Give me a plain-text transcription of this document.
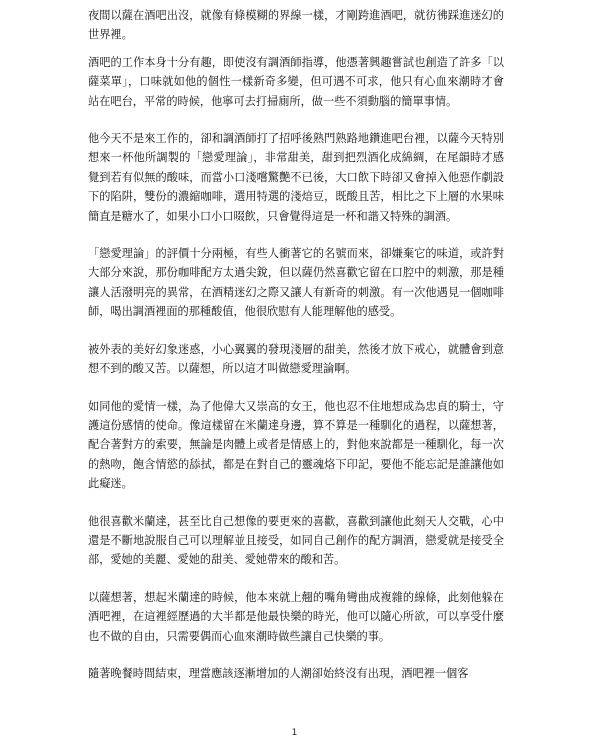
夜間以薩在酒吧出沒，就像有條模糊的界線一樣，才剛跨進酒吧，就彷彿踩進迷幻的世界裡。

酒吧的工作本身十分有趣，即使沒有調酒師指導，他憑著興趣嘗試也創造了許多「以薩菜單」，口味就如他的個性一樣新奇多變，但可遇不可求，他只有心血來潮時才會站在吧台，平常的時候，他寧可去打掃廁所，做一些不須動腦的簡單事情。

他今天不是來工作的，卻和調酒師打了招呼後熟門熟路地鑽進吧台裡，以薩今天特別想來一杯他所調製的「戀愛理論」，非常甜美，甜到把烈酒化成綿綢，在尾韻時才感覺到若有似無的酸味，而當小口淺嚐驚艷不已後，大口飲下時卻又會掉入他惡作劇設下的陷阱，雙份的濃縮咖啡，選用特選的淺焙豆，既酸且苦，相比之下上層的水果味簡直是糖水了，如果小口小口啜飲，只會覺得這是一杯和諧又特殊的調酒。

「戀愛理論」的評價十分兩極，有些人衝著它的名號而來，卻嫌棄它的味道，或許對大部分來說，那份咖啡配方太過尖銳，但以薩仍然喜歡它留在口腔中的刺激，那是種讓人活潑明亮的異常，在酒精迷幻之際又讓人有新奇的刺激。有一次他遇見一個咖啡師，喝出調酒裡面的那種酸值，他很欣慰有人能理解他的感受。

被外表的美好幻象迷惑，小心翼翼的發現淺層的甜美，然後才放下戒心，就體會到意想不到的酸又苦。以薩想，所以這才叫做戀愛理論啊。

如同他的愛情一樣，為了他偉大又崇高的女王，他也忍不住地想成為忠貞的騎士，守護這份感情的使命。像這樣留在米蘭達身邊，算不算是一種馴化的過程，以薩想著，配合著對方的索要，無論是肉體上或者是情感上的，對他來說都是一種馴化，每一次的熱吻，飽含情慾的舔拭，都是在對自己的靈魂烙下印記，要他不能忘記是誰讓他如此癡迷。

他很喜歡米蘭達，甚至比自己想像的要更來的喜歡，喜歡到讓他此刻天人交戰，心中還是不斷地說服自己可以理解並且接受，如同自己創作的配方調酒，戀愛就是接受全部，愛她的美麗、愛她的甜美、愛她帶來的酸和苦。

以薩想著，想起米蘭達的時候，他本來就上翹的嘴角彎曲成複雜的線條，此刻他躲在酒吧裡，在這裡經歷過的大半都是他最快樂的時光，他可以隨心所欲，可以享受什麼也不做的自由，只需要偶而心血來潮時做些讓自己快樂的事。

隨著晚餐時間結束，理當應該逐漸增加的人潮卻始終沒有出現，酒吧裡一個客

1
